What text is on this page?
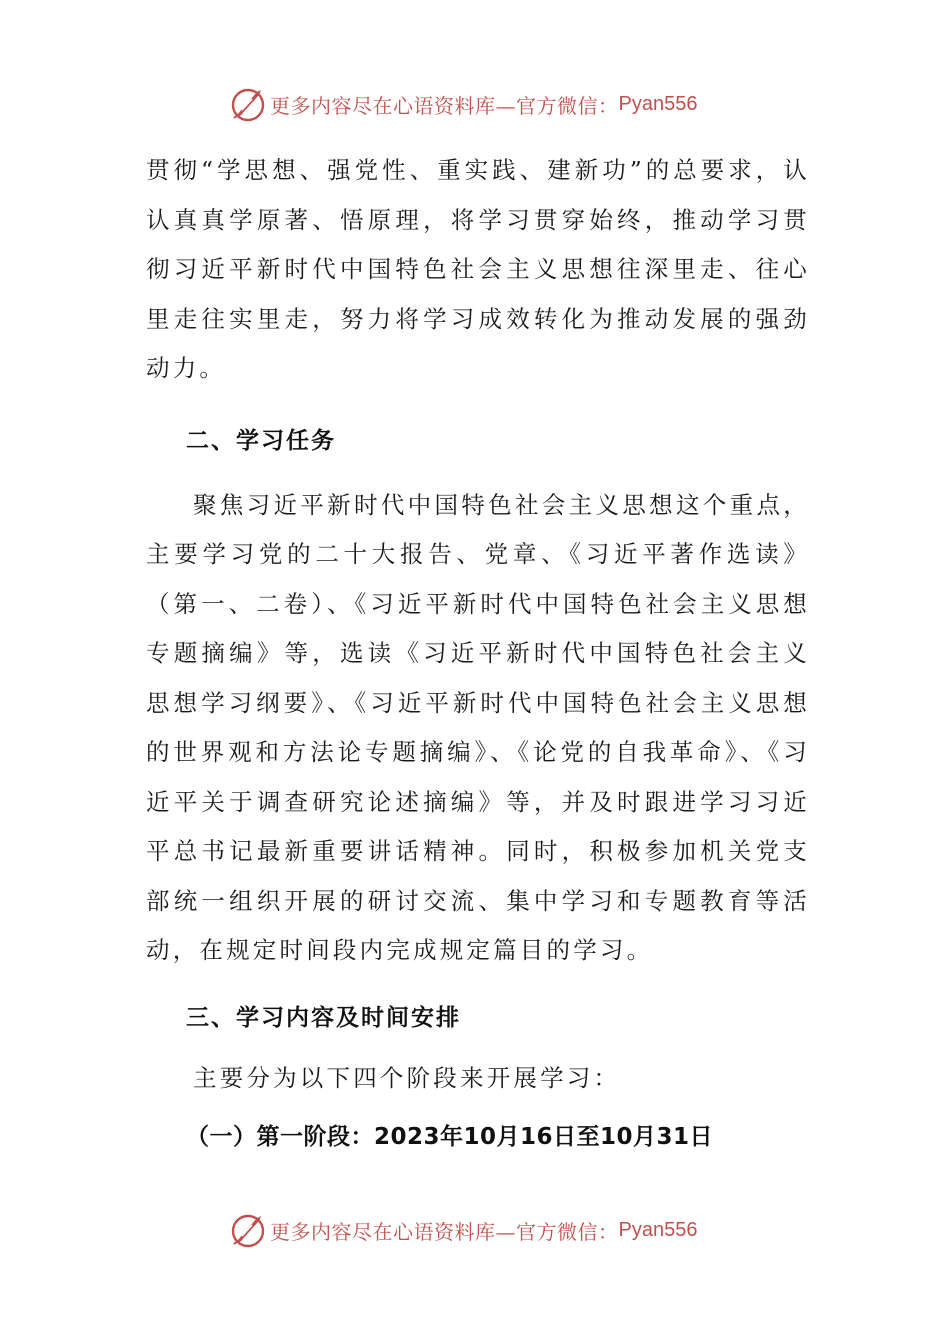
更多内容尽在心语资料库—官方微信： Pyan556

贯彻“学思想、强党性、重实践、建新功”的总要求，认认真真学原著、悟原理，将学习贯穿始终，推动学习贯彻习近平新时代中国特色社会主义思想往深里走、往心里走往实里走，努力将学习成效转化为推动发展的强劲动力。

二、学习任务

聚焦习近平新时代中国特色社会主义思想这个重点，主要学习党的二十大报告、党章、《习近平著作选读》（第一、二卷）、《习近平新时代中国特色社会主义思想专题摘编》等，选读《习近平新时代中国特色社会主义思想学习纲要》、《习近平新时代中国特色社会主义思想的世界观和方法论专题摘编》、《论党的自我革命》、《习近平关于调查研究论述摘编》等，并及时跟进学习习近平总书记最新重要讲话精神。同时，积极参加机关党支部统一组织开展的研讨交流、集中学习和专题教育等活动，在规定时间段内完成规定篇目的学习。

三、学习内容及时间安排

主要分为以下四个阶段来开展学习：

（一）第一阶段：2023年10月16日至10月31日
更多内容尽在心语资料库—官方微信： Pyan556
